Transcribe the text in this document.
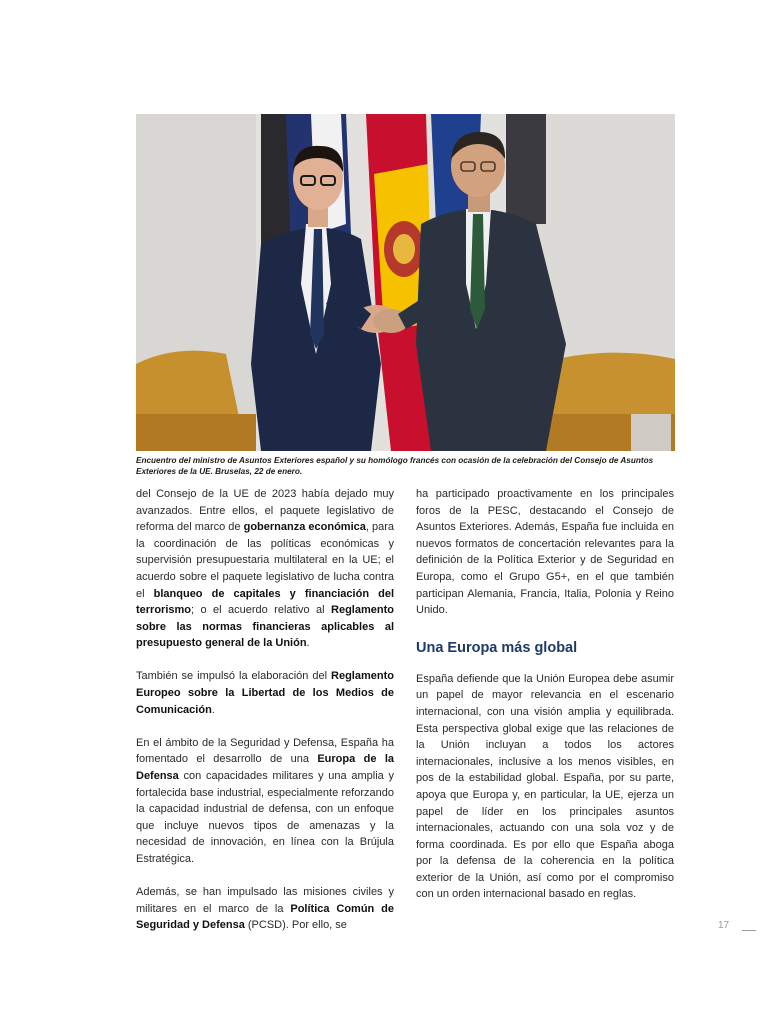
Encuentro del ministro de Asuntos Exteriores español y su homólogo francés con ocasión de la celebración del Consejo de Asuntos Exteriores de la UE. Bruselas, 22 de enero.

del Consejo de la UE de 2023 había dejado muy avanzados. Entre ellos, el paquete legislativo de reforma del marco de gobernanza económica, para la coordinación de las políticas económicas y supervisión presupuestaria multilateral en la UE; el acuerdo sobre el paquete legislativo de lucha contra el blanqueo de capitales y financiación del terrorismo; o el acuerdo relativo al Reglamento sobre las normas financieras aplicables al presupuesto general de la Unión.

También se impulsó la elaboración del Reglamento Europeo sobre la Libertad de los Medios de Comunicación.

En el ámbito de la Seguridad y Defensa, España ha fomentado el desarrollo de una Europa de la Defensa con capacidades militares y una amplia y fortalecida base industrial, especialmente reforzando la capacidad industrial de defensa, con un enfoque que incluye nuevos tipos de amenazas y la necesidad de innovación, en línea con la Brújula Estratégica.

Además, se han impulsado las misiones civiles y militares en el marco de la Política Común de Seguridad y Defensa (PCSD). Por ello, se

ha participado proactivamente en los principales foros de la PESC, destacando el Consejo de Asuntos Exteriores. Además, España fue incluida en nuevos formatos de concertación relevantes para la definición de la Política Exterior y de Seguridad en Europa, como el Grupo G5+, en el que también participan Alemania, Francia, Italia, Polonia y Reino Unido.

Una Europa más global

España defiende que la Unión Europea debe asumir un papel de mayor relevancia en el escenario internacional, con una visión amplia y equilibrada. Esta perspectiva global exige que las relaciones de la Unión incluyan a todos los actores internacionales, inclusive a los menos visibles, en pos de la estabilidad global. España, por su parte, apoya que Europa y, en particular, la UE, ejerza un papel de líder en los principales asuntos internacionales, actuando con una sola voz y de forma coordinada. Es por ello que España aboga por la defensa de la coherencia en la política exterior de la Unión, así como por el compromiso con un orden internacional basado en reglas.

17
